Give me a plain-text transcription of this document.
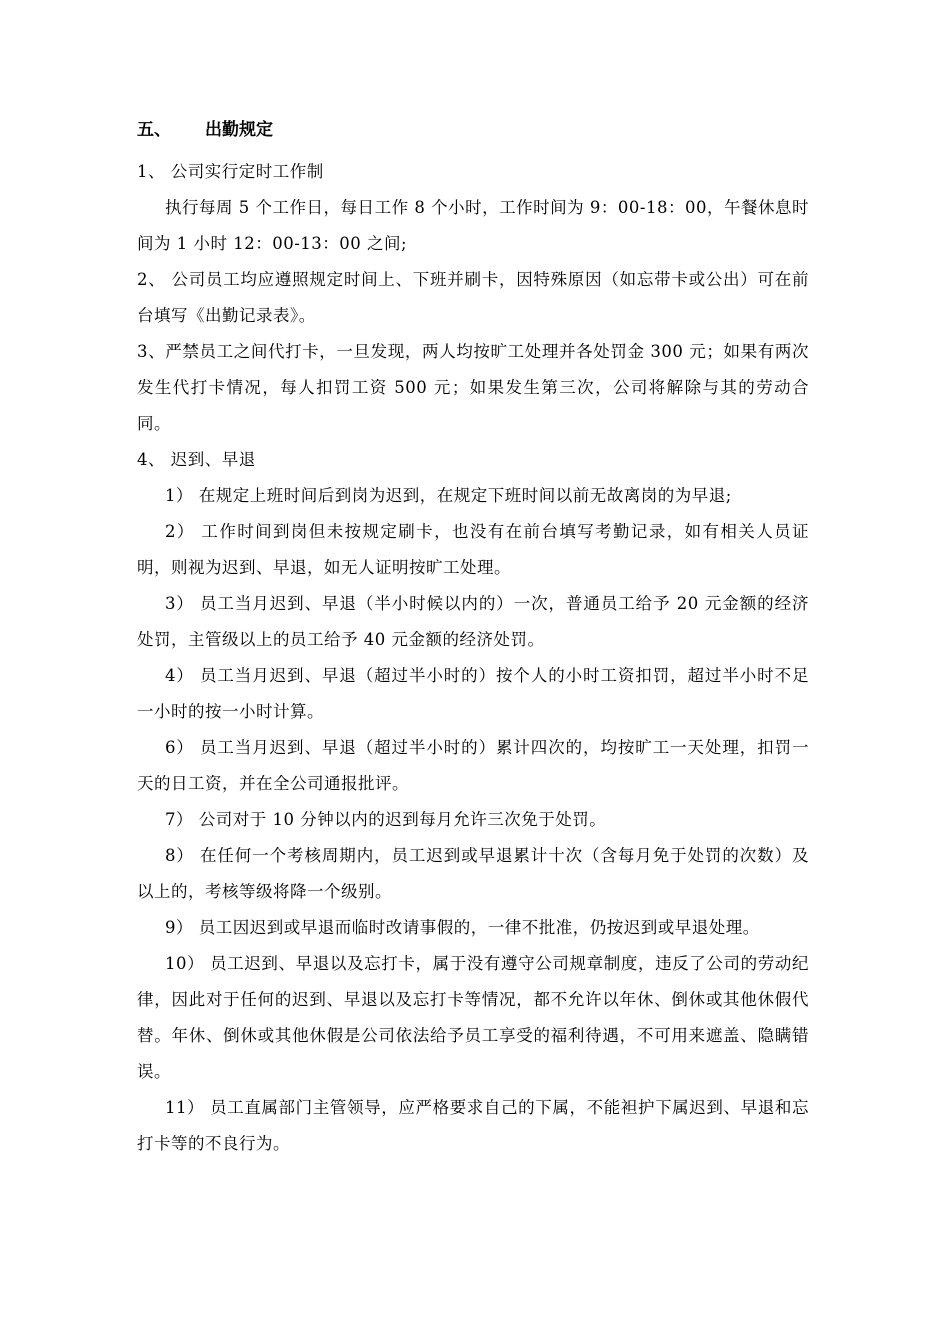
五、	出勤规定

1、 公司实行定时工作制

执行每周 5 个工作日，每日工作 8 个小时，工作时间为 9：00-18：00，午餐休息时间为 1 小时 12：00-13：00 之间;

2、 公司员工均应遵照规定时间上、下班并刷卡，因特殊原因（如忘带卡或公出）可在前台填写《出勤记录表》。

3、严禁员工之间代打卡，一旦发现，两人均按旷工处理并各处罚金 300 元；如果有两次发生代打卡情况，每人扣罚工资 500 元；如果发生第三次，公司将解除与其的劳动合同。

4、 迟到、早退

1） 在规定上班时间后到岗为迟到，在规定下班时间以前无故离岗的为早退;

2） 工作时间到岗但未按规定刷卡，也没有在前台填写考勤记录，如有相关人员证明，则视为迟到、早退，如无人证明按旷工处理。

3） 员工当月迟到、早退（半小时候以内的）一次，普通员工给予 20 元金额的经济处罚，主管级以上的员工给予 40 元金额的经济处罚。

4） 员工当月迟到、早退（超过半小时的）按个人的小时工资扣罚，超过半小时不足一小时的按一小时计算。

6） 员工当月迟到、早退（超过半小时的）累计四次的，均按旷工一天处理，扣罚一天的日工资，并在全公司通报批评。

7） 公司对于 10 分钟以内的迟到每月允许三次免于处罚。

8） 在任何一个考核周期内，员工迟到或早退累计十次（含每月免于处罚的次数）及以上的，考核等级将降一个级别。

9） 员工因迟到或早退而临时改请事假的，一律不批准，仍按迟到或早退处理。

10） 员工迟到、早退以及忘打卡，属于没有遵守公司规章制度，违反了公司的劳动纪律，因此对于任何的迟到、早退以及忘打卡等情况，都不允许以年休、倒休或其他休假代替。年休、倒休或其他休假是公司依法给予员工享受的福利待遇，不可用来遮盖、隐瞒错误。

11） 员工直属部门主管领导，应严格要求自己的下属，不能袒护下属迟到、早退和忘打卡等的不良行为。
